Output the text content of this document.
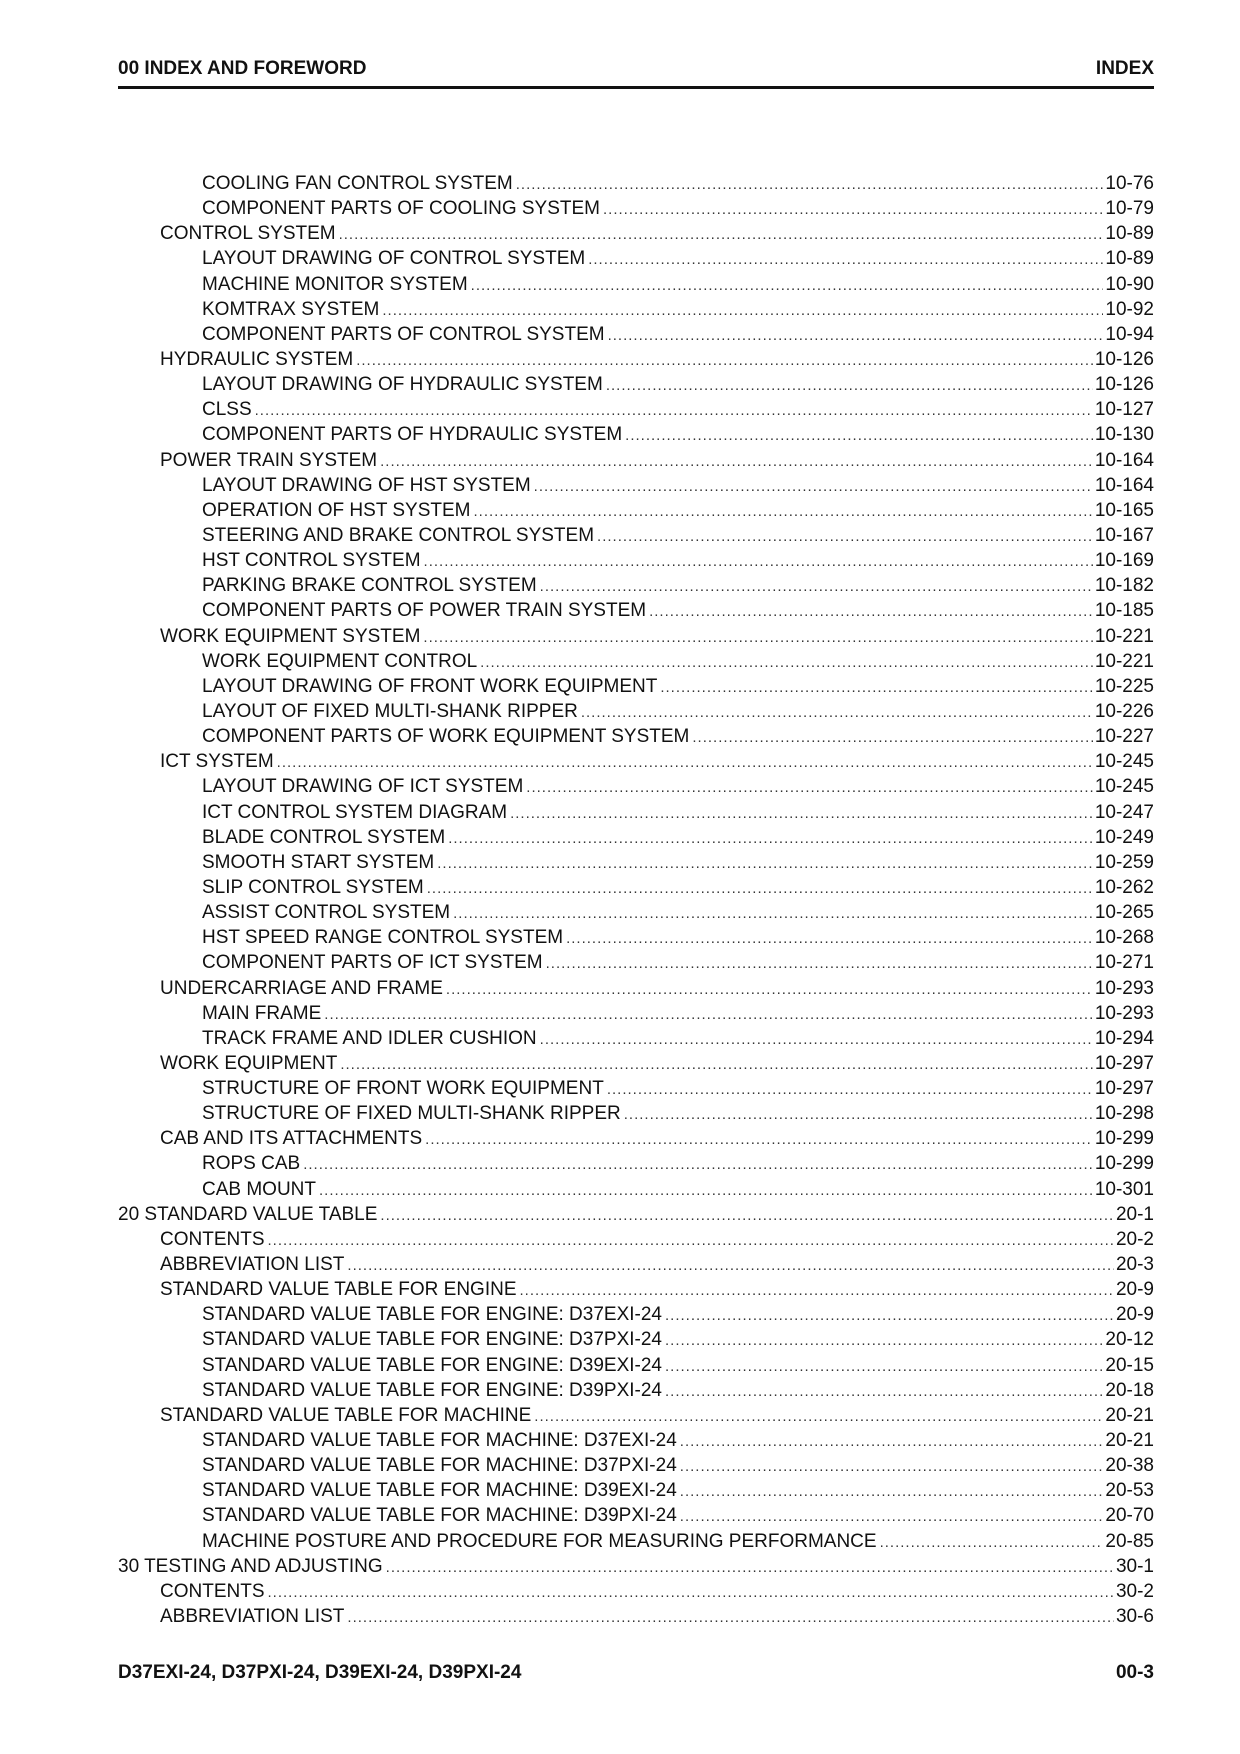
00 INDEX AND FOREWORD	INDEX
COOLING FAN CONTROL SYSTEM .....	10-76
COMPONENT PARTS OF COOLING SYSTEM .....	10-79
CONTROL SYSTEM .....	10-89
LAYOUT DRAWING OF CONTROL SYSTEM .....	10-89
MACHINE MONITOR SYSTEM .....	10-90
KOMTRAX SYSTEM .....	10-92
COMPONENT PARTS OF CONTROL SYSTEM .....	10-94
HYDRAULIC SYSTEM .....	10-126
LAYOUT DRAWING OF HYDRAULIC SYSTEM .....	10-126
CLSS .....	10-127
COMPONENT PARTS OF HYDRAULIC SYSTEM .....	10-130
POWER TRAIN SYSTEM .....	10-164
LAYOUT DRAWING OF HST SYSTEM .....	10-164
OPERATION OF HST SYSTEM .....	10-165
STEERING AND BRAKE CONTROL SYSTEM .....	10-167
HST CONTROL SYSTEM .....	10-169
PARKING BRAKE CONTROL SYSTEM .....	10-182
COMPONENT PARTS OF POWER TRAIN SYSTEM .....	10-185
WORK EQUIPMENT SYSTEM .....	10-221
WORK EQUIPMENT CONTROL .....	10-221
LAYOUT DRAWING OF FRONT WORK EQUIPMENT .....	10-225
LAYOUT OF FIXED MULTI-SHANK RIPPER .....	10-226
COMPONENT PARTS OF WORK EQUIPMENT SYSTEM .....	10-227
ICT SYSTEM .....	10-245
LAYOUT DRAWING OF ICT SYSTEM .....	10-245
ICT CONTROL SYSTEM DIAGRAM .....	10-247
BLADE CONTROL SYSTEM .....	10-249
SMOOTH START SYSTEM .....	10-259
SLIP CONTROL SYSTEM .....	10-262
ASSIST CONTROL SYSTEM .....	10-265
HST SPEED RANGE CONTROL SYSTEM .....	10-268
COMPONENT PARTS OF ICT SYSTEM .....	10-271
UNDERCARRIAGE AND FRAME .....	10-293
MAIN FRAME .....	10-293
TRACK FRAME AND IDLER CUSHION .....	10-294
WORK EQUIPMENT .....	10-297
STRUCTURE OF FRONT WORK EQUIPMENT .....	10-297
STRUCTURE OF FIXED MULTI-SHANK RIPPER .....	10-298
CAB AND ITS ATTACHMENTS .....	10-299
ROPS CAB .....	10-299
CAB MOUNT .....	10-301
20 STANDARD VALUE TABLE .....	20-1
CONTENTS .....	20-2
ABBREVIATION LIST .....	20-3
STANDARD VALUE TABLE FOR ENGINE .....	20-9
STANDARD VALUE TABLE FOR ENGINE: D37EXI-24 .....	20-9
STANDARD VALUE TABLE FOR ENGINE: D37PXI-24 .....	20-12
STANDARD VALUE TABLE FOR ENGINE: D39EXI-24 .....	20-15
STANDARD VALUE TABLE FOR ENGINE: D39PXI-24 .....	20-18
STANDARD VALUE TABLE FOR MACHINE .....	20-21
STANDARD VALUE TABLE FOR MACHINE: D37EXI-24 .....	20-21
STANDARD VALUE TABLE FOR MACHINE: D37PXI-24 .....	20-38
STANDARD VALUE TABLE FOR MACHINE: D39EXI-24 .....	20-53
STANDARD VALUE TABLE FOR MACHINE: D39PXI-24 .....	20-70
MACHINE POSTURE AND PROCEDURE FOR MEASURING PERFORMANCE .....	20-85
30 TESTING AND ADJUSTING .....	30-1
CONTENTS .....	30-2
ABBREVIATION LIST .....	30-6
D37EXI-24, D37PXI-24, D39EXI-24, D39PXI-24	00-3
